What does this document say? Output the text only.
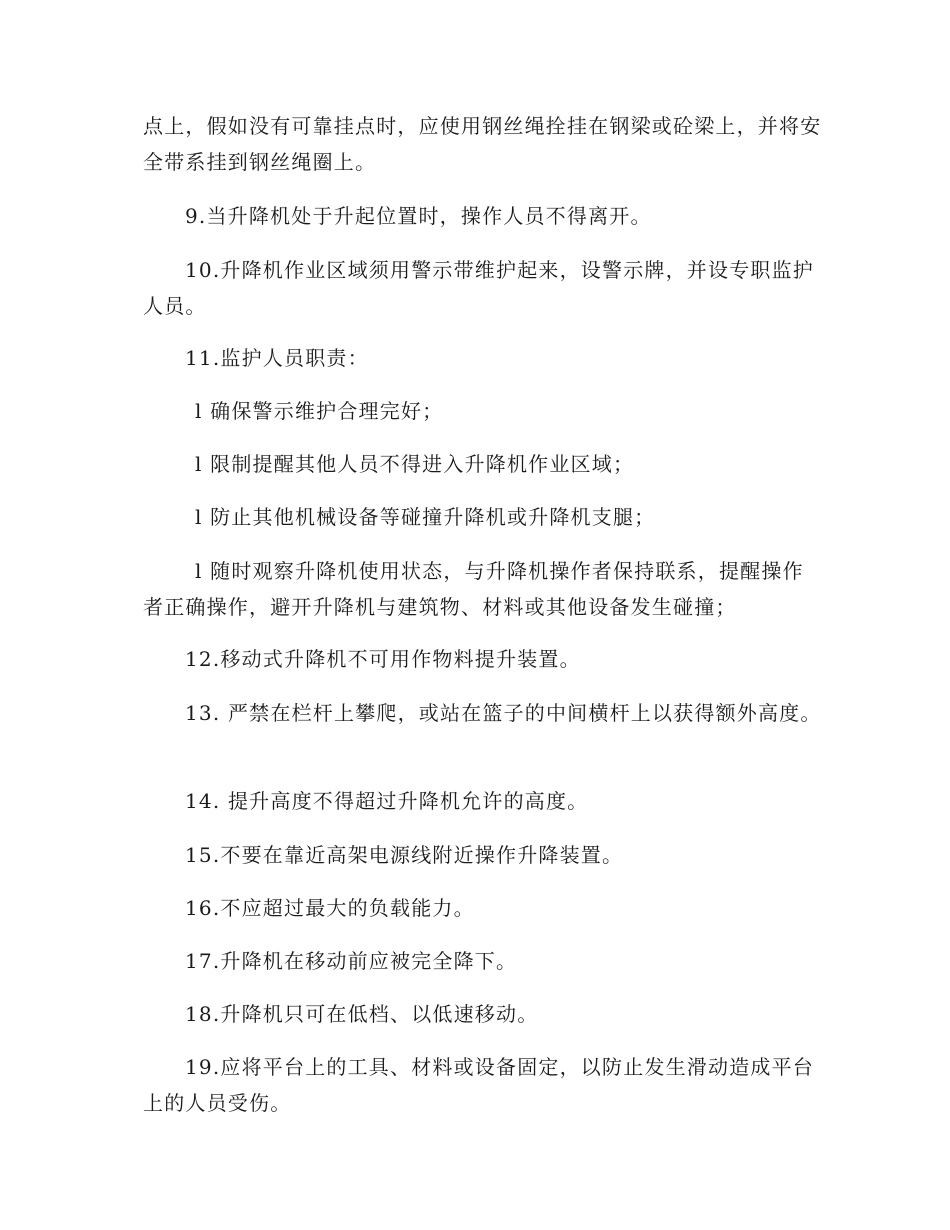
点上，假如没有可靠挂点时，应使用钢丝绳拴挂在钢梁或砼梁上，并将安全带系挂到钢丝绳圈上。

9.当升降机处于升起位置时，操作人员不得离开。

10.升降机作业区域须用警示带维护起来，设警示牌，并设专职监护人员。

11.监护人员职责：

l 确保警示维护合理完好；

l 限制提醒其他人员不得进入升降机作业区域；

l 防止其他机械设备等碰撞升降机或升降机支腿；

l 随时观察升降机使用状态，与升降机操作者保持联系，提醒操作者正确操作，避开升降机与建筑物、材料或其他设备发生碰撞；

12.移动式升降机不可用作物料提升装置。

13. 严禁在栏杆上攀爬，或站在篮子的中间横杆上以获得额外高度。

14. 提升高度不得超过升降机允许的高度。

15.不要在靠近高架电源线附近操作升降装置。

16.不应超过最大的负载能力。

17.升降机在移动前应被完全降下。

18.升降机只可在低档、以低速移动。

19.应将平台上的工具、材料或设备固定，以防止发生滑动造成平台上的人员受伤。
